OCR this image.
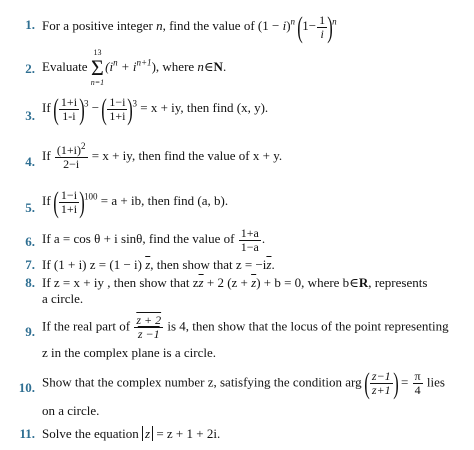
1. For a positive integer n, find the value of $(1 - i)^n$ $(1- \frac{1}{i} )^n$
2. Evaluate
13
Σ
n=1
$(i^n + i^{n+1})$, where n∈N.
3.
If ( $\frac{1+i}{1-i} )^3$ − ( $\frac{1-i}{1+i} )^3 = x$ + iy, then find (x, y).
4. If $\frac{(1+i)^2}{2-i} = x$ + iy, then find the value of x + y.
5. If ( $\frac{1-i}{1+i} )^{100} = a$ + ib, then find (a, b).
6. If a = cos θ + i sinθ, find the value of $\frac{1+a}{1-a}$ .
7. If (1 + i) z = (1 − i) $\overline{z}$, then show that $z = -i\overline{z}$.
8. If z = x + iy , then show that $z\overline{z} + 2$ $(z + \overline{z}) + b = 0$, where b∈R, represents
a circle.
9. If the real part of $\frac{z + 2}{z -1}$ is 4, then show that the locus of the point representing
z in the complex plane is a circle.
10. Show that the complex number z, satisfying the condition arg ( $\frac{z-1}{z+1}$ ) = $\frac{\pi}{4}$ lies
on a circle.
11. Solve the equation z = z + 1 + 2i.
